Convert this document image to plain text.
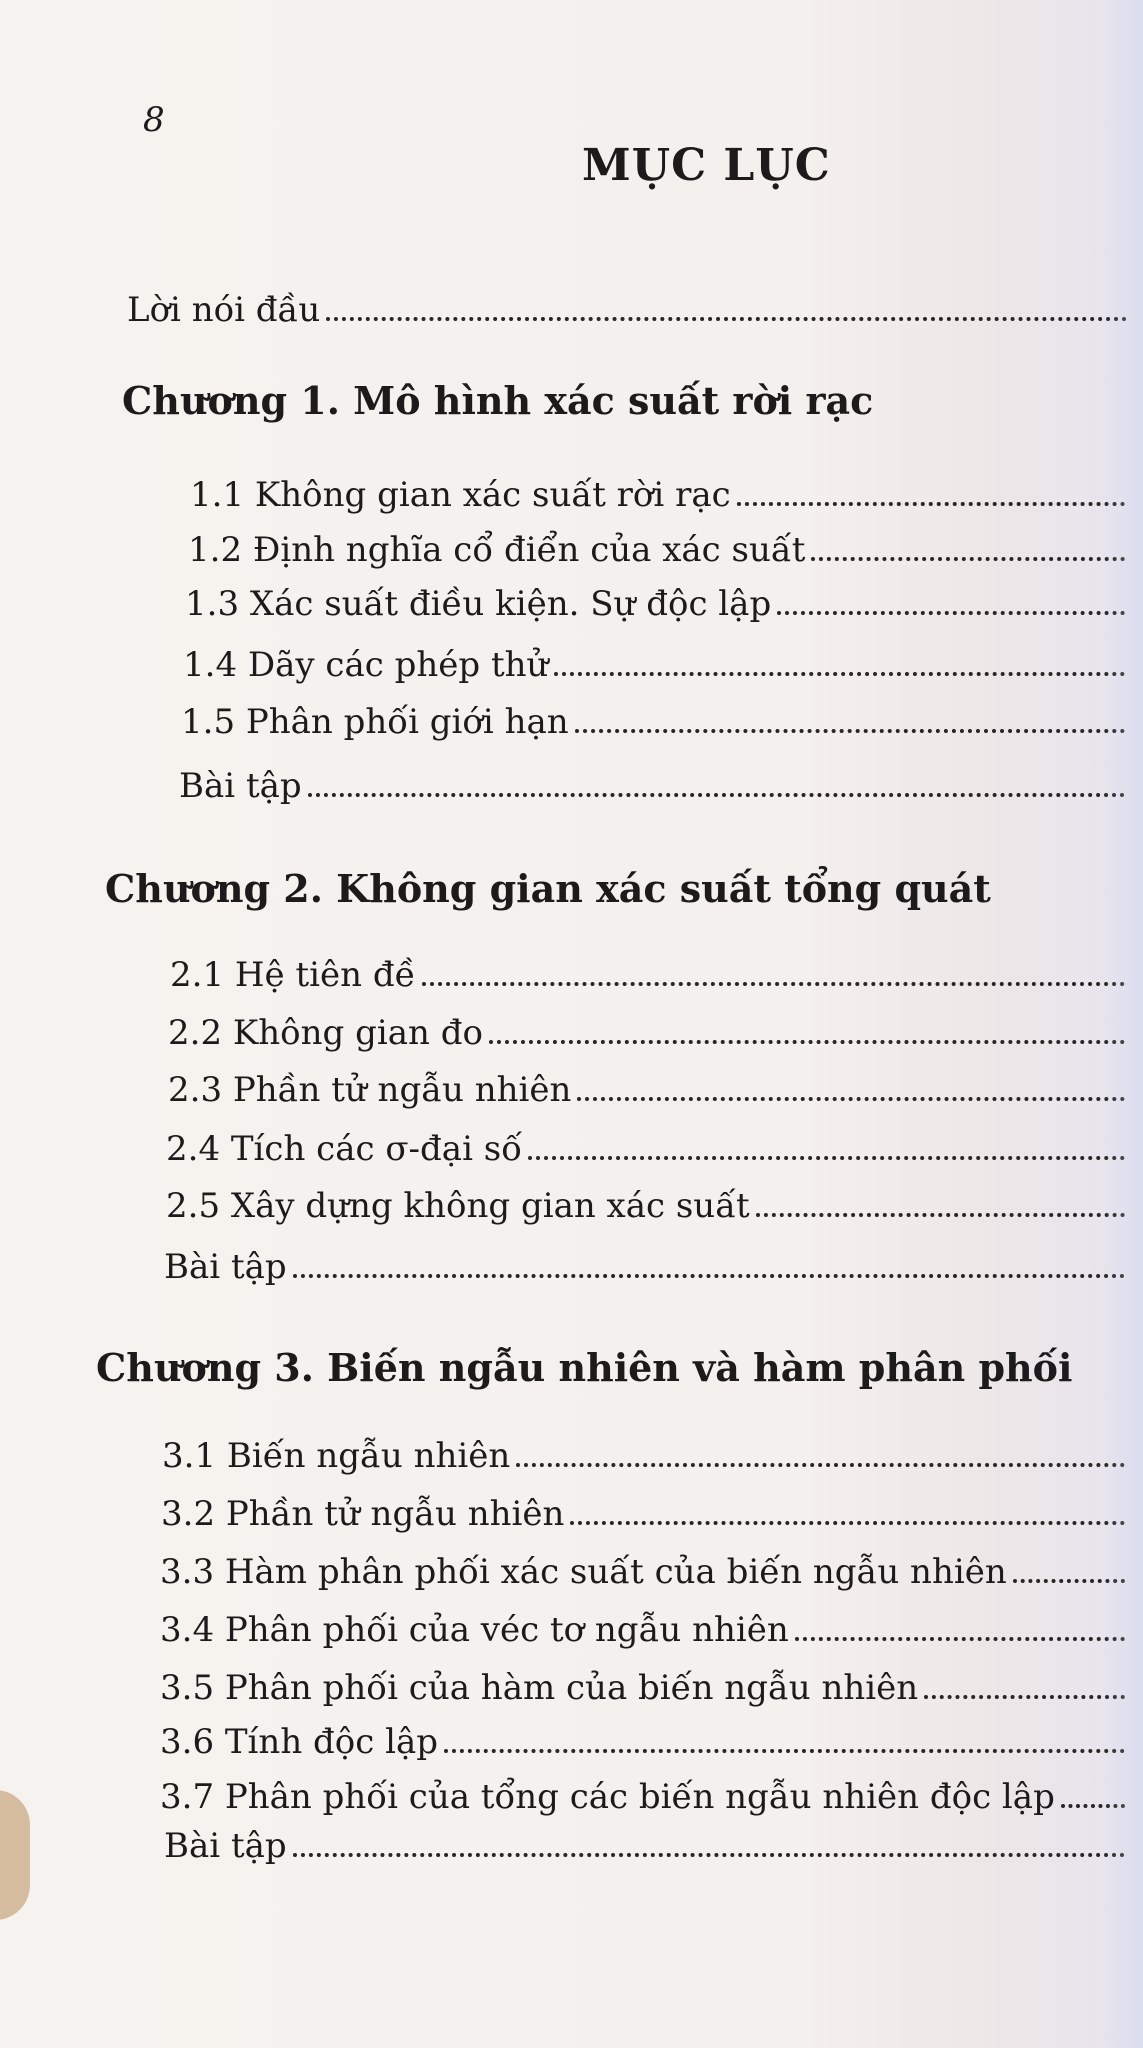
8
MỤC LỤC
Lời nói đầu
Chương 1. Mô hình xác suất rời rạc
1.1 Không gian xác suất rời rạc
1.2 Định nghĩa cổ điển của xác suất
1.3 Xác suất điều kiện. Sự độc lập
1.4 Dãy các phép thử
1.5 Phân phối giới hạn
Bài tập
Chương 2. Không gian xác suất tổng quát
2.1 Hệ tiên đề
2.2 Không gian đo
2.3 Phần tử ngẫu nhiên
2.4 Tích các σ-đại số
2.5 Xây dựng không gian xác suất
Bài tập
Chương 3. Biến ngẫu nhiên và hàm phân phối
3.1 Biến ngẫu nhiên
3.2 Phần tử ngẫu nhiên
3.3 Hàm phân phối xác suất của biến ngẫu nhiên
3.4 Phân phối của véc tơ ngẫu nhiên
3.5 Phân phối của hàm của biến ngẫu nhiên
3.6 Tính độc lập
3.7 Phân phối của tổng các biến ngẫu nhiên độc lập
Bài tập
